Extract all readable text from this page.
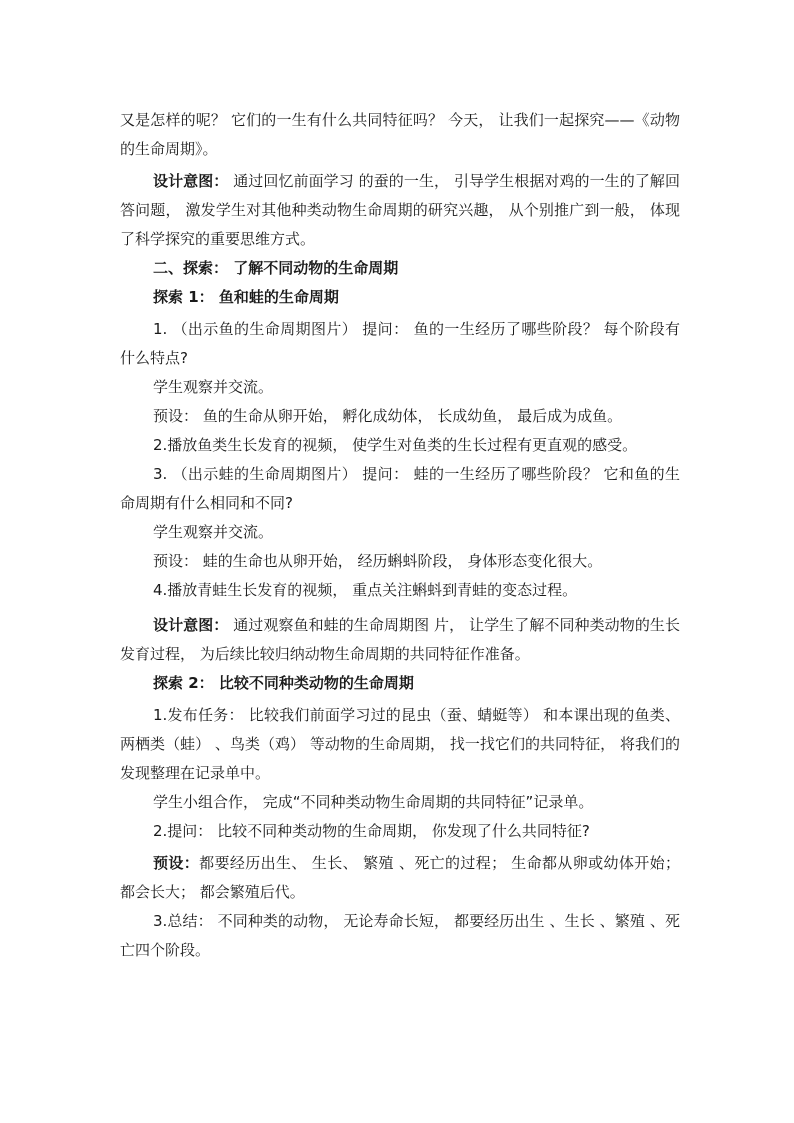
又是怎样的呢？ 它们的一生有什么共同特征吗？ 今天， 让我们一起探究——《动物的生命周期》。

设计意图： 通过回忆前面学习 的蚕的一生， 引导学生根据对鸡的一生的了解回答问题， 激发学生对其他种类动物生命周期的研究兴趣， 从个别推广到一般， 体现了科学探究的重要思维方式。

二、探索： 了解不同动物的生命周期

探索 1： 鱼和蛙的生命周期

1. （出示鱼的生命周期图片） 提问： 鱼的一生经历了哪些阶段？ 每个阶段有什么特点?

学生观察并交流。

预设： 鱼的生命从卵开始， 孵化成幼体， 长成幼鱼， 最后成为成鱼。

2.播放鱼类生长发育的视频， 使学生对鱼类的生长过程有更直观的感受。

3. （出示蛙的生命周期图片） 提问： 蛙的一生经历了哪些阶段？ 它和鱼的生命周期有什么相同和不同?

学生观察并交流。

预设： 蛙的生命也从卵开始， 经历蝌蚪阶段， 身体形态变化很大。

4.播放青蛙生长发育的视频， 重点关注蝌蚪到青蛙的变态过程。

设计意图： 通过观察鱼和蛙的生命周期图 片， 让学生了解不同种类动物的生长发育过程， 为后续比较归纳动物生命周期的共同特征作准备。

探索 2： 比较不同种类动物的生命周期

1.发布任务： 比较我们前面学习过的昆虫（蚕、蜻蜓等） 和本课出现的鱼类、两栖类（蛙） 、鸟类（鸡） 等动物的生命周期， 找一找它们的共同特征， 将我们的发现整理在记录单中。

学生小组合作， 完成“不同种类动物生命周期的共同特征”记录单。

2.提问： 比较不同种类动物的生命周期， 你发现了什么共同特征?

预设：都要经历出生、 生长、 繁殖 、死亡的过程； 生命都从卵或幼体开始； 都会长大； 都会繁殖后代。

3.总结： 不同种类的动物， 无论寿命长短， 都要经历出生 、生长 、繁殖 、死亡四个阶段。
